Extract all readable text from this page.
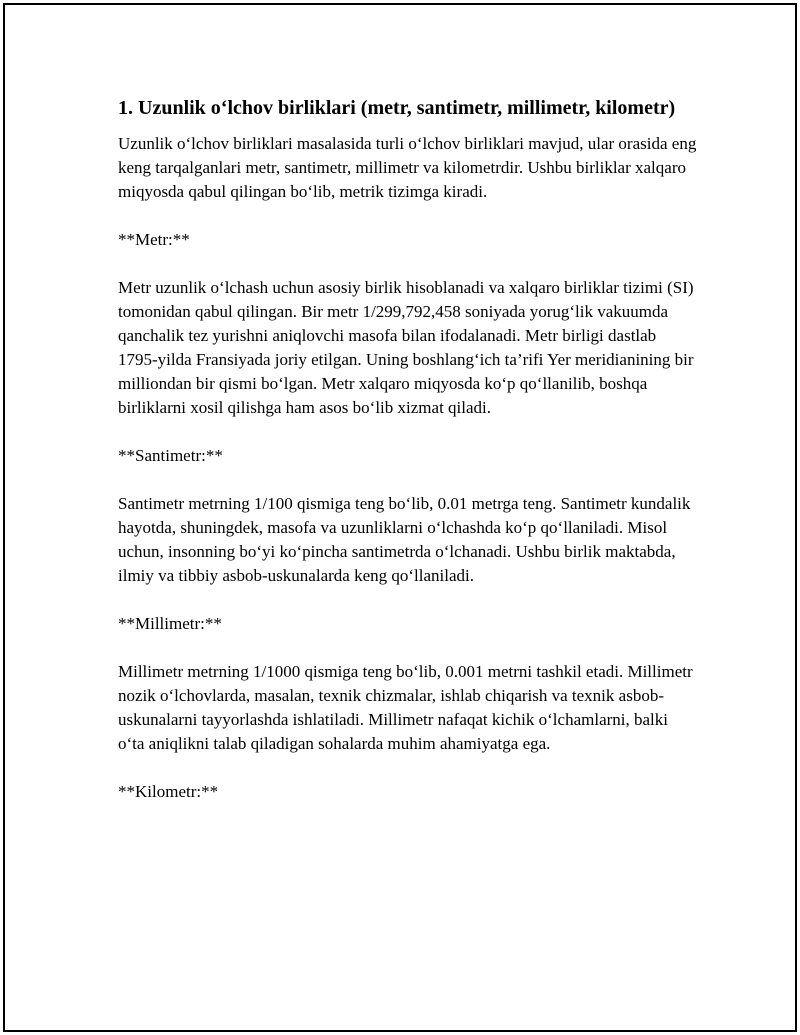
1. Uzunlik o‘lchov birliklari (metr, santimetr, millimetr, kilometr)

Uzunlik o‘lchov birliklari masalasida turli o‘lchov birliklari mavjud, ular orasida eng keng tarqalganlari metr, santimetr, millimetr va kilometrdir. Ushbu birliklar xalqaro miqyosda qabul qilingan bo‘lib, metrik tizimga kiradi.

**Metr:**

Metr uzunlik o‘lchash uchun asosiy birlik hisoblanadi va xalqaro birliklar tizimi (SI) tomonidan qabul qilingan. Bir metr 1/299,792,458 soniyada yorug‘lik vakuumda qanchalik tez yurishni aniqlovchi masofa bilan ifodalanadi. Metr birligi dastlab 1795-yilda Fransiyada joriy etilgan. Uning boshlang‘ich ta’rifi Yer meridianining bir milliondan bir qismi bo‘lgan. Metr xalqaro miqyosda ko‘p qo‘llanilib, boshqa birliklarni xosil qilishga ham asos bo‘lib xizmat qiladi.

**Santimetr:**

Santimetr metrning 1/100 qismiga teng bo‘lib, 0.01 metrga teng. Santimetr kundalik hayotda, shuningdek, masofa va uzunliklarni o‘lchashda ko‘p qo‘llaniladi. Misol uchun, insonning bo‘yi ko‘pincha santimetrda o‘lchanadi. Ushbu birlik maktabda, ilmiy va tibbiy asbob-uskunalarda keng qo‘llaniladi.

**Millimetr:**

Millimetr metrning 1/1000 qismiga teng bo‘lib, 0.001 metrni tashkil etadi. Millimetr nozik o‘lchovlarda, masalan, texnik chizmalar, ishlab chiqarish va texnik asbob-uskunalarni tayyorlashda ishlatiladi. Millimetr nafaqat kichik o‘lchamlarni, balki o‘ta aniqlikni talab qiladigan sohalarda muhim ahamiyatga ega.

**Kilometr:**
